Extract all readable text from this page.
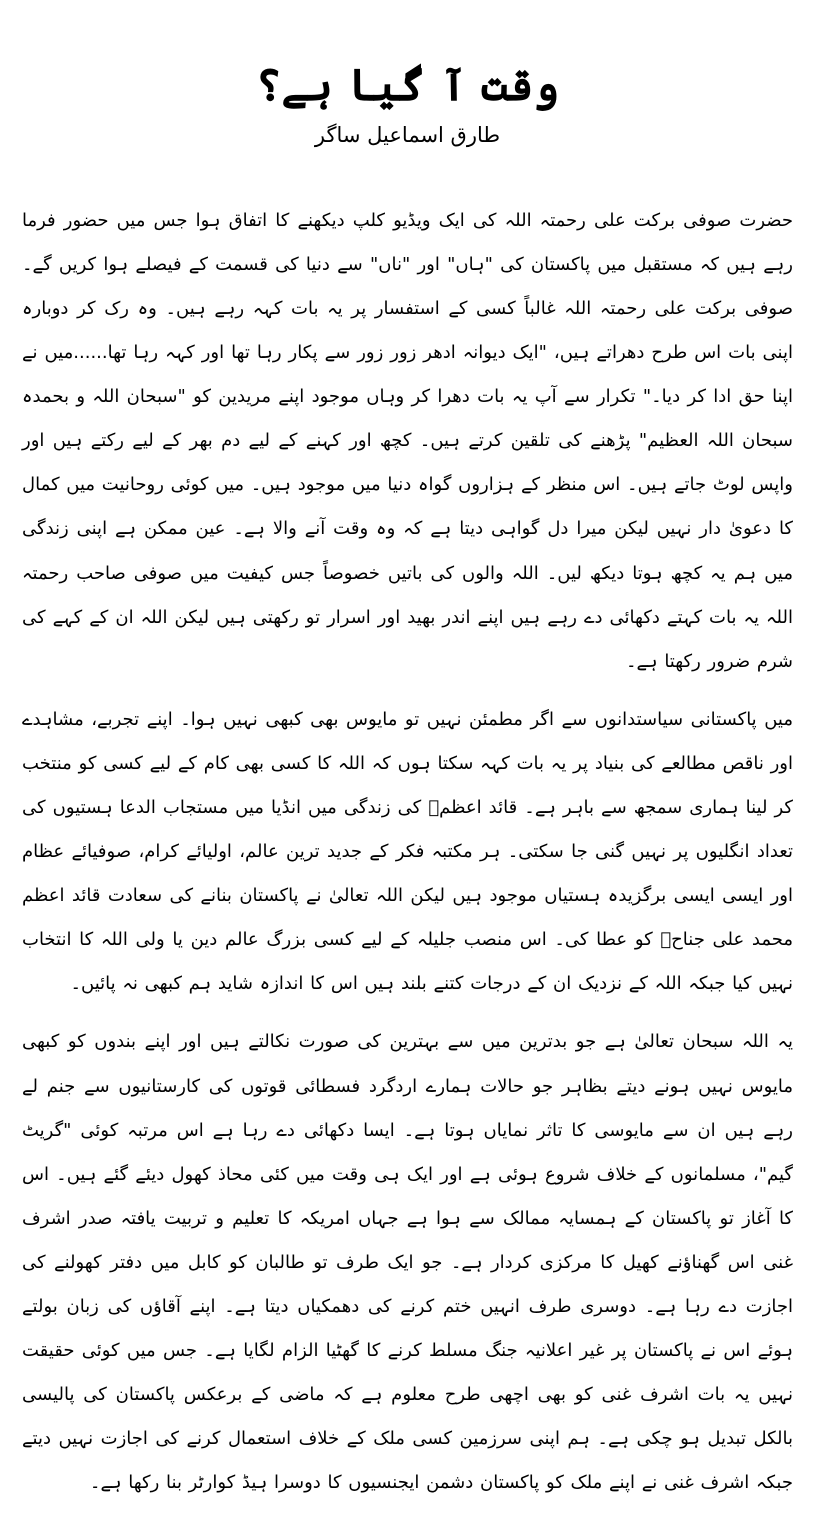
وقت آ گیا ہے؟
طارق اسماعیل ساگر

حضرت صوفی برکت علی رحمتہ اللہ کی ایک ویڈیو کلپ دیکھنے کا اتفاق ہوا جس میں حضور فرما رہے ہیں کہ مستقبل میں پاکستان کی "ہاں" اور "ناں" سے دنیا کی قسمت کے فیصلے ہوا کریں گے۔ صوفی برکت علی رحمتہ اللہ غالباً کسی کے استفسار پر یہ بات کہہ رہے ہیں۔ وہ رک کر دوبارہ اپنی بات اس طرح دھراتے ہیں، "ایک دیوانہ ادھر زور زور سے پکار رہا تھا اور کہہ رہا تھا......میں نے اپنا حق ادا کر دیا۔" تکرار سے آپ یہ بات دھرا کر وہاں موجود اپنے مریدین کو "سبحان اللہ و بحمدہ سبحان اللہ العظیم" پڑھنے کی تلقین کرتے ہیں۔ کچھ اور کہنے کے لیے دم بھر کے لیے رکتے ہیں اور واپس لوٹ جاتے ہیں۔ اس منظر کے ہزاروں گواہ دنیا میں موجود ہیں۔ میں کوئی روحانیت میں کمال کا دعویٰ دار نہیں لیکن میرا دل گواہی دیتا ہے کہ وہ وقت آنے والا ہے۔ عین ممکن ہے اپنی زندگی میں ہم یہ کچھ ہوتا دیکھ لیں۔ اللہ والوں کی باتیں خصوصاً جس کیفیت میں صوفی صاحب رحمتہ اللہ یہ بات کہتے دکھائی دے رہے ہیں اپنے اندر بھید اور اسرار تو رکھتی ہیں لیکن اللہ ان کے کہے کی شرم ضرور رکھتا ہے۔

میں پاکستانی سیاستدانوں سے اگر مطمئن نہیں تو مایوس بھی کبھی نہیں ہوا۔ اپنے تجربے، مشاہدے اور ناقص مطالعے کی بنیاد پر یہ بات کہہ سکتا ہوں کہ اللہ کا کسی بھی کام کے لیے کسی کو منتخب کر لینا ہماری سمجھ سے باہر ہے۔ قائد اعظمؒ کی زندگی میں انڈیا میں مستجاب الدعا ہستیوں کی تعداد انگلیوں پر نہیں گنی جا سکتی۔ ہر مکتبہ فکر کے جدید ترین عالم، اولیائے کرام، صوفیائے عظام اور ایسی ایسی برگزیدہ ہستیاں موجود ہیں لیکن اللہ تعالیٰ نے پاکستان بنانے کی سعادت قائد اعظم محمد علی جناحؒ کو عطا کی۔ اس منصب جلیلہ کے لیے کسی بزرگ عالم دین یا ولی اللہ کا انتخاب نہیں کیا جبکہ اللہ کے نزدیک ان کے درجات کتنے بلند ہیں اس کا اندازہ شاید ہم کبھی نہ پائیں۔

یہ اللہ سبحان تعالیٰ ہے جو بدترین میں سے بہترین کی صورت نکالتے ہیں اور اپنے بندوں کو کبھی مایوس نہیں ہونے دیتے بظاہر جو حالات ہمارے اردگرد فسطائی قوتوں کی کارستانیوں سے جنم لے رہے ہیں ان سے مایوسی کا تاثر نمایاں ہوتا ہے۔ ایسا دکھائی دے رہا ہے اس مرتبہ کوئی "گریٹ گیم"، مسلمانوں کے خلاف شروع ہوئی ہے اور ایک ہی وقت میں کئی محاذ کھول دیئے گئے ہیں۔ اس کا آغاز تو پاکستان کے ہمسایہ ممالک سے ہوا ہے جہاں امریکہ کا تعلیم و تربیت یافتہ صدر اشرف غنی اس گھناؤنے کھیل کا مرکزی کردار ہے۔ جو ایک طرف تو طالبان کو کابل میں دفتر کھولنے کی اجازت دے رہا ہے۔ دوسری طرف انہیں ختم کرنے کی دھمکیاں دیتا ہے۔ اپنے آقاؤں کی زبان بولتے ہوئے اس نے پاکستان پر غیر اعلانیہ جنگ مسلط کرنے کا گھٹیا الزام لگایا ہے۔ جس میں کوئی حقیقت نہیں یہ بات اشرف غنی کو بھی اچھی طرح معلوم ہے کہ ماضی کے برعکس پاکستان کی پالیسی بالکل تبدیل ہو چکی ہے۔ ہم اپنی سرزمین کسی ملک کے خلاف استعمال کرنے کی اجازت نہیں دیتے جبکہ اشرف غنی نے اپنے ملک کو پاکستان دشمن ایجنسیوں کا دوسرا ہیڈ کوارٹر بنا رکھا ہے۔
